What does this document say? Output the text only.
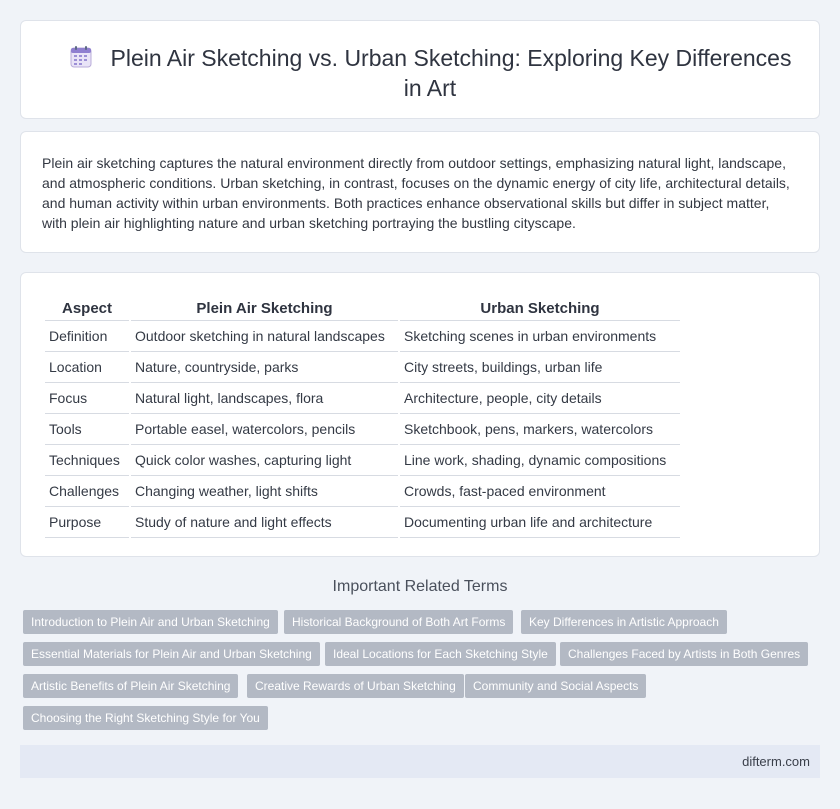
Plein Air Sketching vs. Urban Sketching: Exploring Key Differences in Art

Plein air sketching captures the natural environment directly from outdoor settings, emphasizing natural light, landscape, and atmospheric conditions. Urban sketching, in contrast, focuses on the dynamic energy of city life, architectural details, and human activity within urban environments. Both practices enhance observational skills but differ in subject matter, with plein air highlighting nature and urban sketching portraying the bustling cityscape.

Aspect	Plein Air Sketching	Urban Sketching
Definition	Outdoor sketching in natural landscapes	Sketching scenes in urban environments
Location	Nature, countryside, parks	City streets, buildings, urban life
Focus	Natural light, landscapes, flora	Architecture, people, city details
Tools	Portable easel, watercolors, pencils	Sketchbook, pens, markers, watercolors
Techniques	Quick color washes, capturing light	Line work, shading, dynamic compositions
Challenges	Changing weather, light shifts	Crowds, fast-paced environment
Purpose	Study of nature and light effects	Documenting urban life and architecture
Important Related Terms
Introduction to Plein Air and Urban Sketching	Historical Background of Both Art Forms	Key Differences in Artistic Approach
Essential Materials for Plein Air and Urban Sketching	Ideal Locations for Each Sketching Style	Challenges Faced by Artists in Both Genres
Artistic Benefits of Plein Air Sketching	Creative Rewards of Urban Sketching	Community and Social Aspects
Choosing the Right Sketching Style for You
difterm.com
